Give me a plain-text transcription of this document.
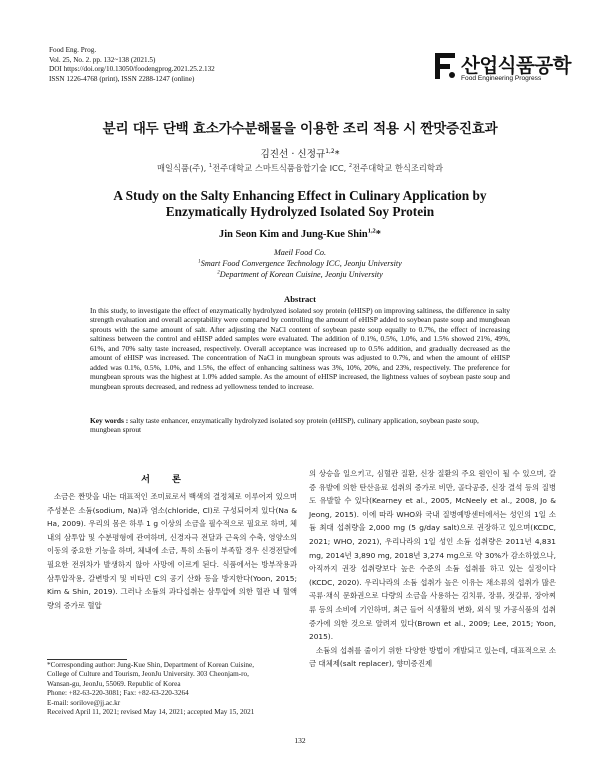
Food Eng. Prog.
Vol. 25, No. 2. pp. 132~138 (2021.5)
DOI https://doi.org/10.13050/foodengprog.2021.25.2.132
ISSN 1226-4768 (print), ISSN 2288-1247 (online)
산업식품공학
Food Engineering Progress
분리 대두 단백 효소가수분해물을 이용한 조리 적용 시 짠맛증진효과
김진선 · 신정규$^{1,2}$*
매일식품(주), $^1$전주대학교 스마트식품융합기술 ICC, $^2$전주대학교 한식조리학과
A Study on the Salty Enhancing Effect in Culinary Application by
Enzymatically Hydrolyzed Isolated Soy Protein
Jin Seon Kim and Jung-Kue Shin$^{1,2}$*
Maeil Food Co.
$^1$Smart Food Convergence Technology ICC, Jeonju University
$^2$Department of Korean Cuisine, Jeonju University
Abstract
In this study, to investigate the effect of enzymatically hydrolyzed isolated soy protein (eHISP) on improving saltiness, the difference in salty strength evaluation and overall acceptability were compared by controlling the amount of eHISP added to soybean paste soup and mungbean sprouts with the same amount of salt. After adjusting the NaCl content of soybean paste soup equally to 0.7%, the effect of increasing saltiness between the control and eHISP added samples were evaluated. The addition of 0.1%, 0.5%, 1.0%, and 1.5% showed 21%, 49%, 61%, and 70% salty taste increased, respectively. Overall acceptance was increased up to 0.5% addition, and gradually decreased as the amount of eHISP was increased. The concentration of NaCl in mungbean sprouts was adjusted to 0.7%, and when the amount of eHISP added was 0.1%, 0.5%, 1.0%, and 1.5%, the effect of enhancing saltiness was 3%, 10%, 20%, and 23%, respectively. The preference for mungbean sprouts was the highest at 1.0% added sample. As the amount of eHISP increased, the lightness values of soybean paste soup and mungbean sprouts decreased, and redness ad yellowness tended to increase.
Key words : salty taste enhancer, enzymatically hydrolyzed isolated soy protein (eHISP), culinary application, soybean paste soup, mungbean sprout
서론

소금은 짠맛을 내는 대표적인 조미료로서 백색의 결정체로 이루어져 있으며 주성분은 소듐(sodium, Na)과 염소(chloride, Cl)로 구성되어져 있다(Na & Ha, 2009). 우리의 몸은 하루 1 g 이상의 소금을 필수적으로 필요로 하며, 체내의 삼투압 및 수분평형에 관여하며, 신경자극 전달과 근육의 수축, 영양소의 이동의 중요한 기능을 하며, 체내에 소금, 특히 소듐이 부족할 경우 신경전달에 필요한 전위차가 발생하지 않아 사망에 이르게 된다. 식품에서는 방부작용과 삼투압작용, 갈변방지 및 비타민 C의 공기 산화 등을 방지한다(Yoon, 2015; Kim & Shin, 2019). 그러나 소듐의 과다섭취는 삼투압에 의한 혈관 내 혈액량의 증가로 혈압

의 상승을 일으키고, 심혈관 질환, 신장 질환의 주요 원인이 될 수 있으며, 갈증 유발에 의한 탄산음료 섭취의 증가로 비만, 골다공증, 신장 결석 등의 질병도 유발할 수 있다(Kearney et al., 2005, McNeely et al., 2008, Jo & Jeong, 2015). 이에 따라 WHO와 국내 질병예방센터에서는 성인의 1일 소듐 최대 섭취량을 2,000 mg (5 g/day salt)으로 권장하고 있으며(KCDC, 2021; WHO, 2021), 우리나라의 1일 성인 소듐 섭취량은 2011년 4,831 mg, 2014년 3,890 mg, 2018년 3,274 mg으로 약 30%가 감소하였으나, 아직까지 권장 섭취량보다 높은 수준의 소듐 섭취를 하고 있는 실정이다(KCDC, 2020). 우리나라의 소듐 섭취가 높은 이유는 채소류의 섭취가 많은 곡류·채식 문화권으로 다량의 소금을 사용하는 김치류, 장류, 젓갈류, 장아찌류 등의 소비에 기인하며, 최근 들어 식생활의 변화, 외식 및 가공식품의 섭취 증가에 의한 것으로 알려져 있다(Brown et al., 2009; Lee, 2015; Yoon, 2015).

소듐의 섭취를 줄이기 위한 다양한 방법이 개발되고 있는데, 대표적으로 소금 대체제(salt replacer), 향미증진제

*Corresponding author: Jung-Kue Shin, Department of Korean Cuisine,
College of Culture and Tourism, JeonJu University. 303 Cheonjam-ro,
Wansan-gu, JeonJu, 55069. Republic of Korea
Phone: +82-63-220-3081; Fax: +82-63-220-3264
E-mail: sorilove@jj.ac.kr
Received April 11, 2021; revised May 14, 2021; accepted May 15, 2021
132
